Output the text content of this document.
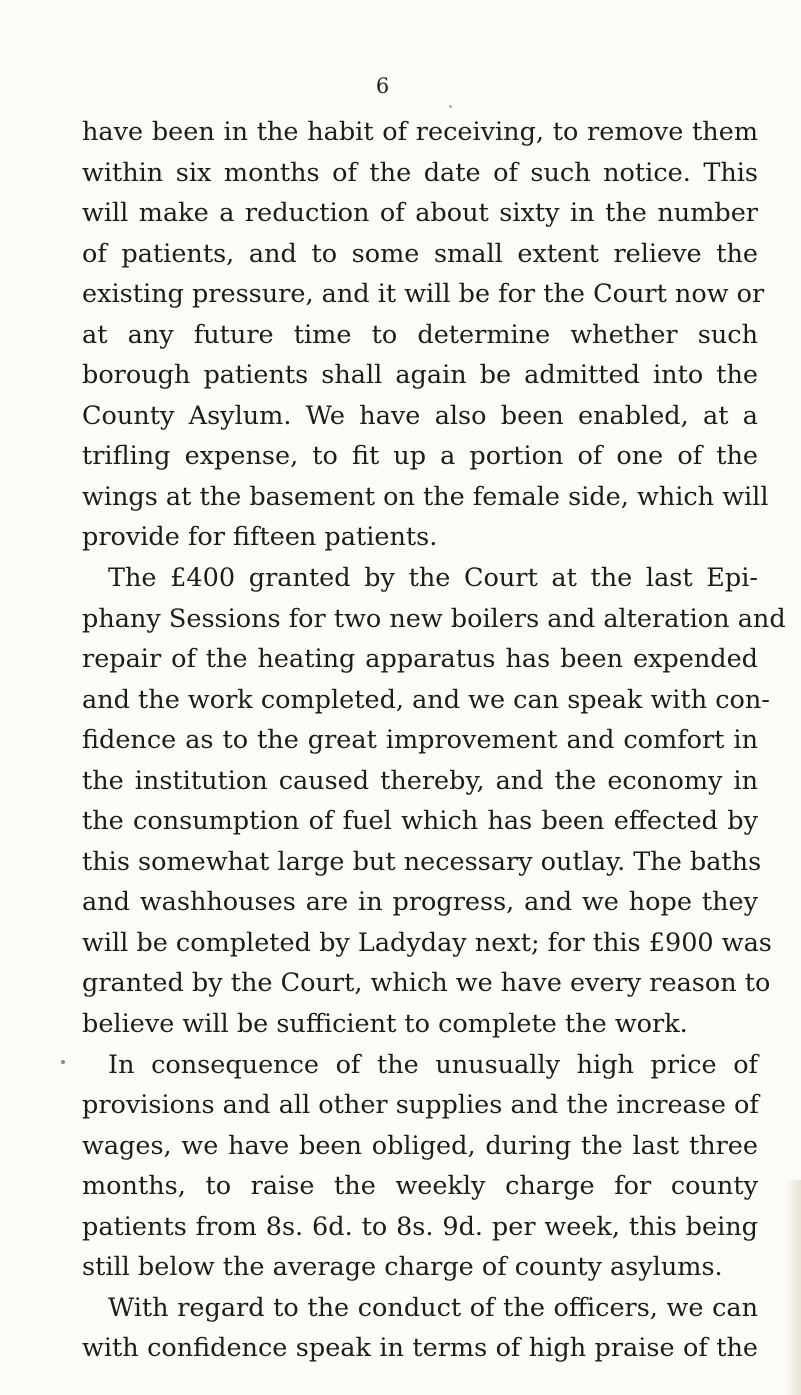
6
have been in the habit of receiving, to remove them
within six months of the date of such notice. This
will make a reduction of about sixty in the number
of patients, and to some small extent relieve the
existing pressure, and it will be for the Court now or
at any future time to determine whether such
borough patients shall again be admitted into the
County Asylum. We have also been enabled, at a
trifling expense, to fit up a portion of one of the
wings at the basement on the female side, which will
provide for fifteen patients.
The £400 granted by the Court at the last Epi-
phany Sessions for two new boilers and alteration and
repair of the heating apparatus has been expended
and the work completed, and we can speak with con-
fidence as to the great improvement and comfort in
the institution caused thereby, and the economy in
the consumption of fuel which has been effected by
this somewhat large but necessary outlay. The baths
and washhouses are in progress, and we hope they
will be completed by Ladyday next; for this £900 was
granted by the Court, which we have every reason to
believe will be sufficient to complete the work.
In consequence of the unusually high price of
provisions and all other supplies and the increase of
wages, we have been obliged, during the last three
months, to raise the weekly charge for county
patients from 8s. 6d. to 8s. 9d. per week, this being
still below the average charge of county asylums.
With regard to the conduct of the officers, we can
with confidence speak in terms of high praise of the
